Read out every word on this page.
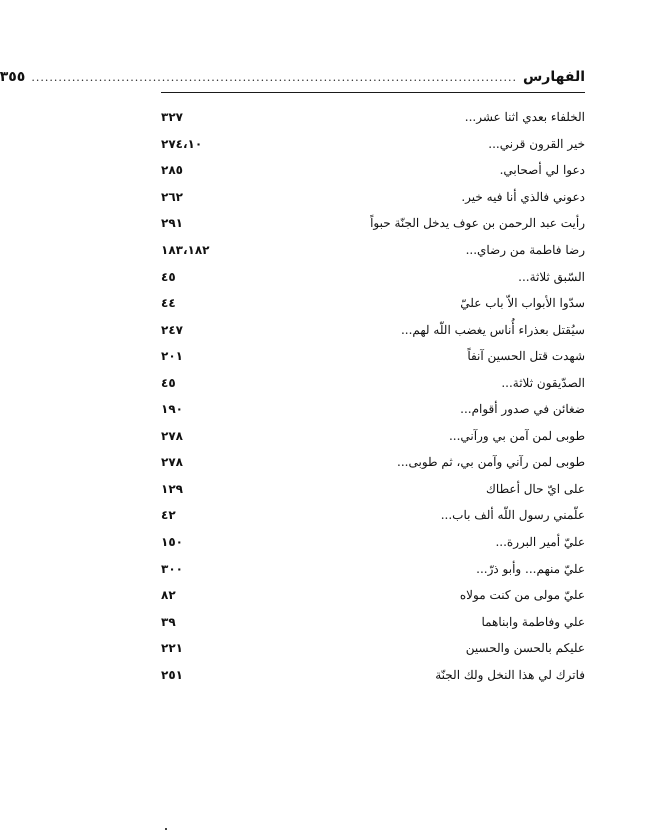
الفهارس
............................................................................................................
٣٥٥
الخلفاء بعدي اثنا عشر...
٣٢٧
خير القرون قرني...
٢٧٤،١٠
دعوا لي أصحابي.
٢٨٥
دعوني فالذي أنا فيه خير.
٢٦٢
رأيت عبد الرحمن بن عوف يدخل الجنّة حبواً
٢٩١
رضا فاطمة من رضاي...
١٨٣،١٨٢
السّبق ثلاثة...
٤٥
سدّوا الأبواب الاّ باب عليّ
٤٤
سيُقتل بعذراء أُناس يغضب اللّه لهم...
٢٤٧
شهدت قتل الحسين آنفاً
٢٠١
الصدّيقون ثلاثة...
٤٥
ضغائن في صدور أقوام...
١٩٠
طوبى لمن آمن بي ورآني...
٢٧٨
طوبى لمن رآني وآمن بي، ثم طوبى...
٢٧٨
على ايّ حال أعطاك
١٢٩
علّمني رسول اللّه ألف باب...
٤٢
عليّ أمير البررة...
١٥٠
عليّ منهم... وأبو ذرّ...
٣٠٠
عليّ مولى من كنت مولاه
٨٢
علي وفاطمة وابناهما
٣٩
عليكم بالحسن والحسين
٢٢١
فاترك لي هذا النخل ولك الجنّة
٢٥١
